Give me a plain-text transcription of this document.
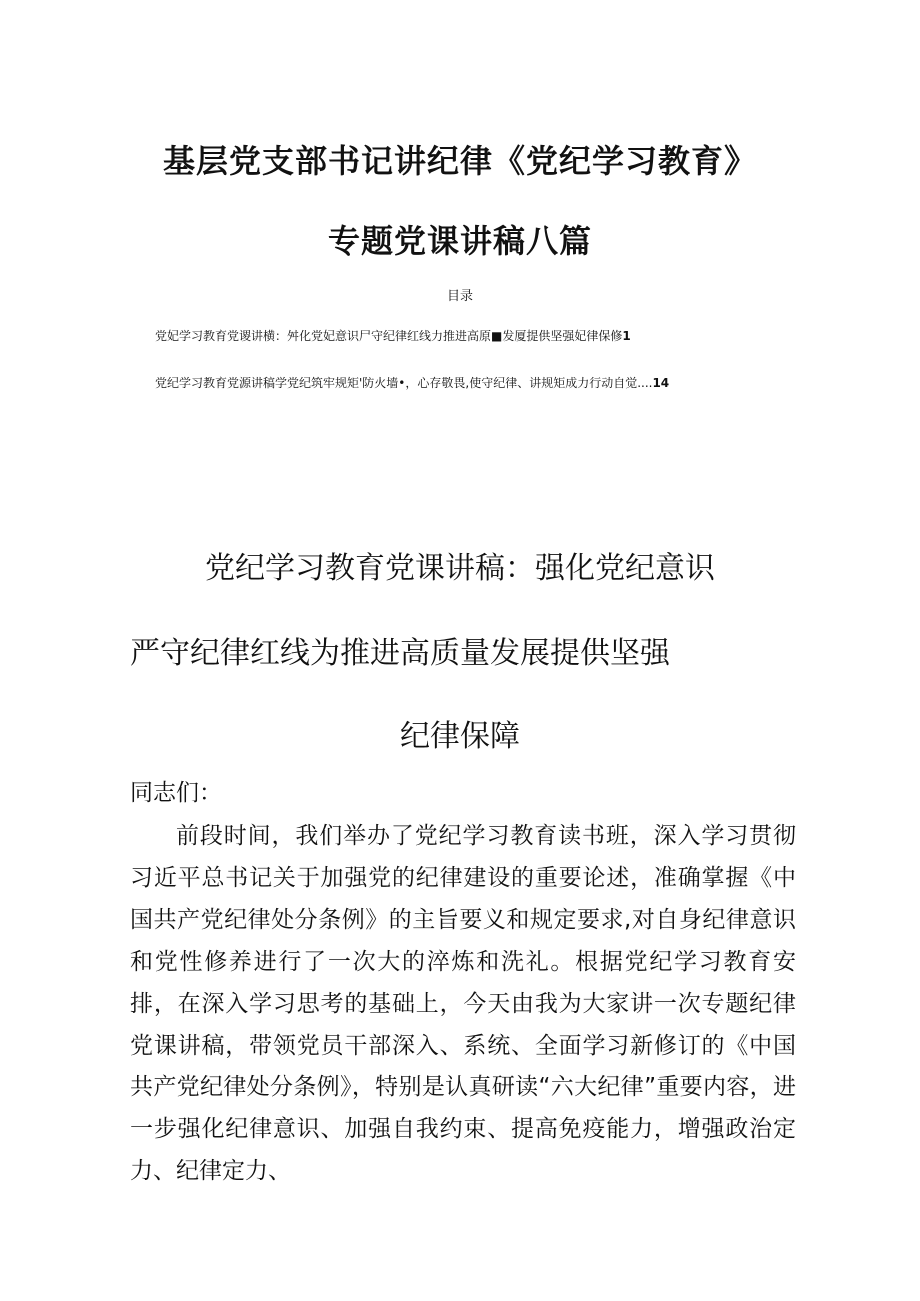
基层党支部书记讲纪律《党纪学习教育》
专题党课讲稿八篇
目录
党妃学习教育党谡讲横：舛化党妃意识尸守纪律红线力推进高原■发厦提供坚强妃律保修1
党纪学习教育党源讲稿学党纪筑牢规矩'防火墙•，心存敬畏,使守纪律、讲规矩成力行动自觉....14
党纪学习教育党课讲稿：强化党纪意识
严守纪律红线为推进高质量发展提供坚强
纪律保障
同志们：

前段时间，我们举办了党纪学习教育读书班，深入学习贯彻习近平总书记关于加强党的纪律建设的重要论述，准确掌握《中国共产党纪律处分条例》的主旨要义和规定要求,对自身纪律意识和党性修养进行了一次大的淬炼和洗礼。根据党纪学习教育安排，在深入学习思考的基础上，今天由我为大家讲一次专题纪律党课讲稿，带领党员干部深入、系统、全面学习新修订的《中国共产党纪律处分条例》，特别是认真研读“六大纪律”重要内容，进一步强化纪律意识、加强自我约束、提高免疫能力，增强政治定力、纪律定力、
